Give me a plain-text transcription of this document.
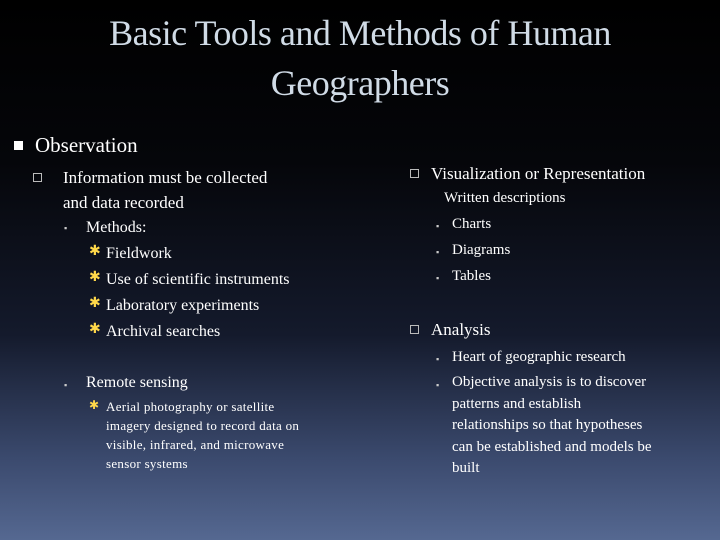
Basic Tools and Methods of Human
Geographers
Observation
Information must be collected
and data recorded
▪ Methods:
✱ Fieldwork
✱ Use of scientific instruments
✱ Laboratory experiments
✱ Archival searches
▪ Remote sensing
✱ Aerial photography or satellite
imagery designed to record data on
visible, infrared, and microwave
sensor systems
Visualization or Representation
Written descriptions
▪ Charts
▪ Diagrams
▪ Tables
Analysis
▪ Heart of geographic research
▪ Objective analysis is to discover
patterns and establish
relationships so that hypotheses
can be established and models be
built
